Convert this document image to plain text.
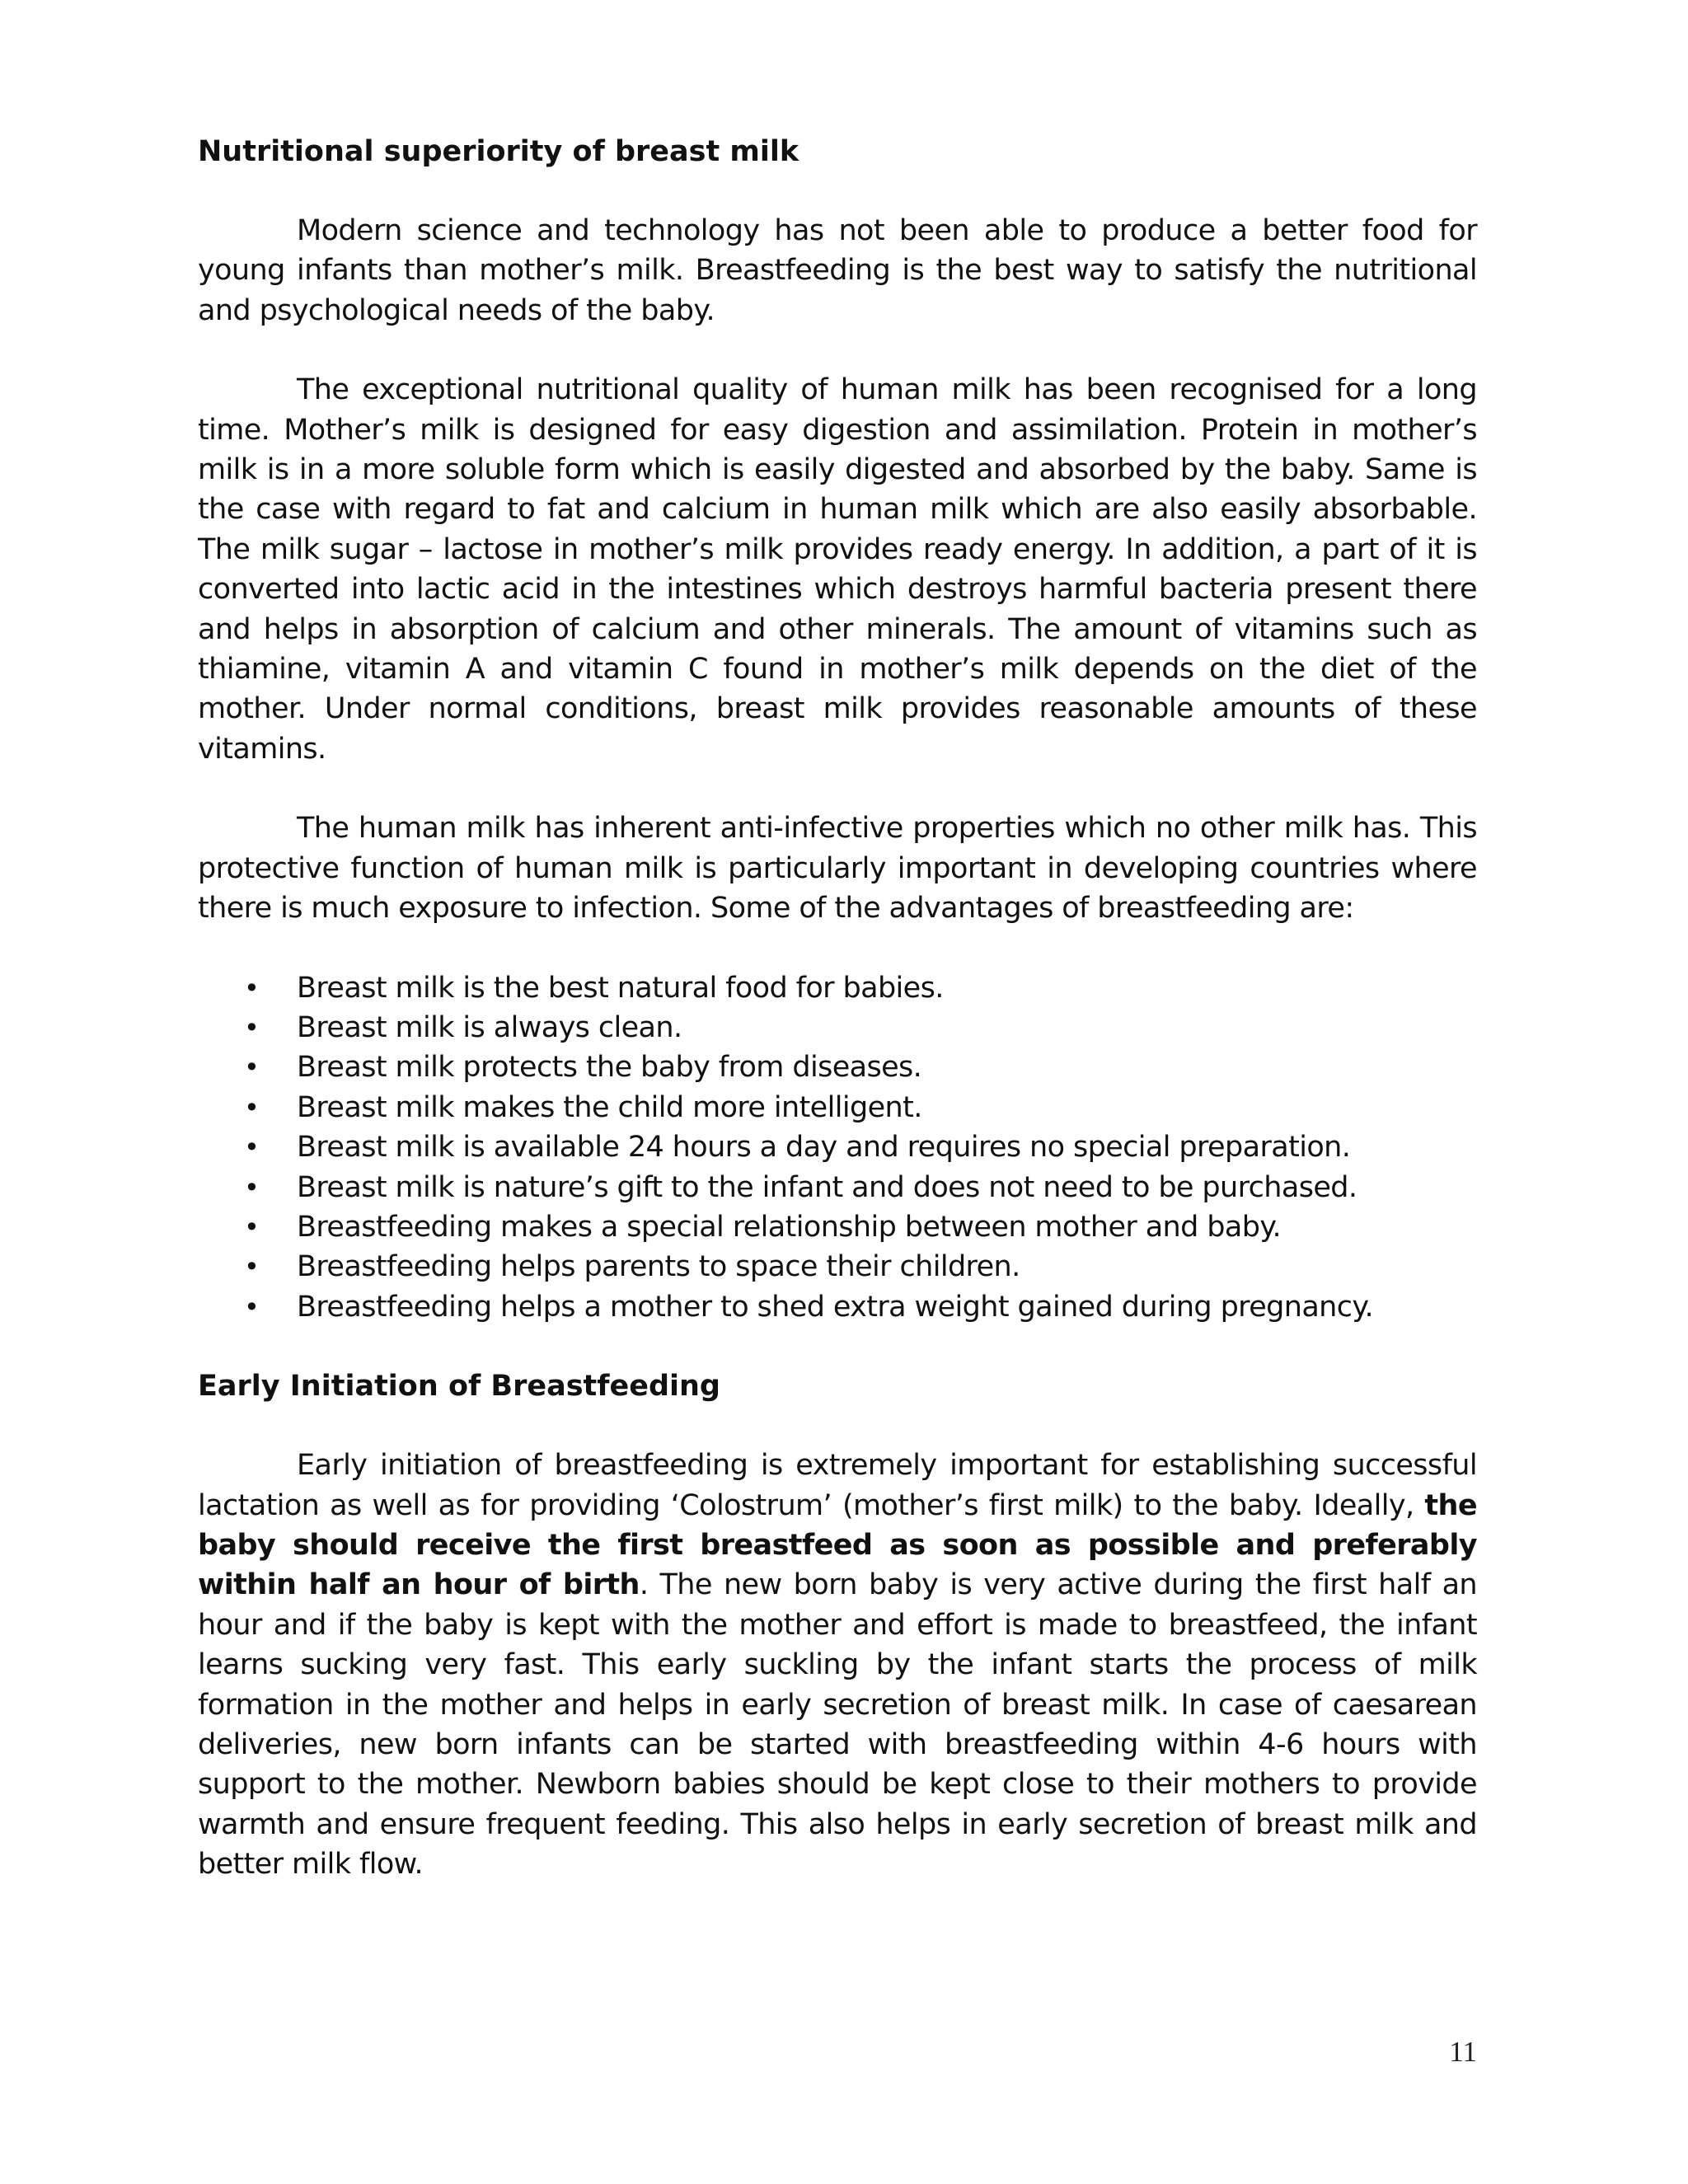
Nutritional superiority of breast milk

Modern science and technology has not been able to produce a better food for young infants than mother’s milk. Breastfeeding is the best way to satisfy the nutritional and psychological needs of the baby.

The exceptional nutritional quality of human milk has been recognised for a long time. Mother’s milk is designed for easy digestion and assimilation. Protein in mother’s milk is in a more soluble form which is easily digested and absorbed by the baby. Same is the case with regard to fat and calcium in human milk which are also easily absorbable. The milk sugar – lactose in mother’s milk provides ready energy. In addition, a part of it is converted into lactic acid in the intestines which destroys harmful bacteria present there and helps in absorption of calcium and other minerals. The amount of vitamins such as thiamine, vitamin A and vitamin C found in mother’s milk depends on the diet of the mother. Under normal conditions, breast milk provides reasonable amounts of these vitamins.

The human milk has inherent anti-infective properties which no other milk has. This protective function of human milk is particularly important in developing countries where there is much exposure to infection. Some of the advantages of breastfeeding are:

• Breast milk is the best natural food for babies.
• Breast milk is always clean.
• Breast milk protects the baby from diseases.
• Breast milk makes the child more intelligent.
• Breast milk is available 24 hours a day and requires no special preparation.
• Breast milk is nature’s gift to the infant and does not need to be purchased.
• Breastfeeding makes a special relationship between mother and baby.
• Breastfeeding helps parents to space their children.
• Breastfeeding helps a mother to shed extra weight gained during pregnancy.
Early Initiation of Breastfeeding

Early initiation of breastfeeding is extremely important for establishing successful lactation as well as for providing ‘Colostrum’ (mother’s first milk) to the baby. Ideally, the baby should receive the first breastfeed as soon as possible and preferably within half an hour of birth. The new born baby is very active during the first half an hour and if the baby is kept with the mother and effort is made to breastfeed, the infant learns sucking very fast. This early suckling by the infant starts the process of milk formation in the mother and helps in early secretion of breast milk. In case of caesarean deliveries, new born infants can be started with breastfeeding within 4-6 hours with support to the mother. Newborn babies should be kept close to their mothers to provide warmth and ensure frequent feeding. This also helps in early secretion of breast milk and better milk flow.

11
